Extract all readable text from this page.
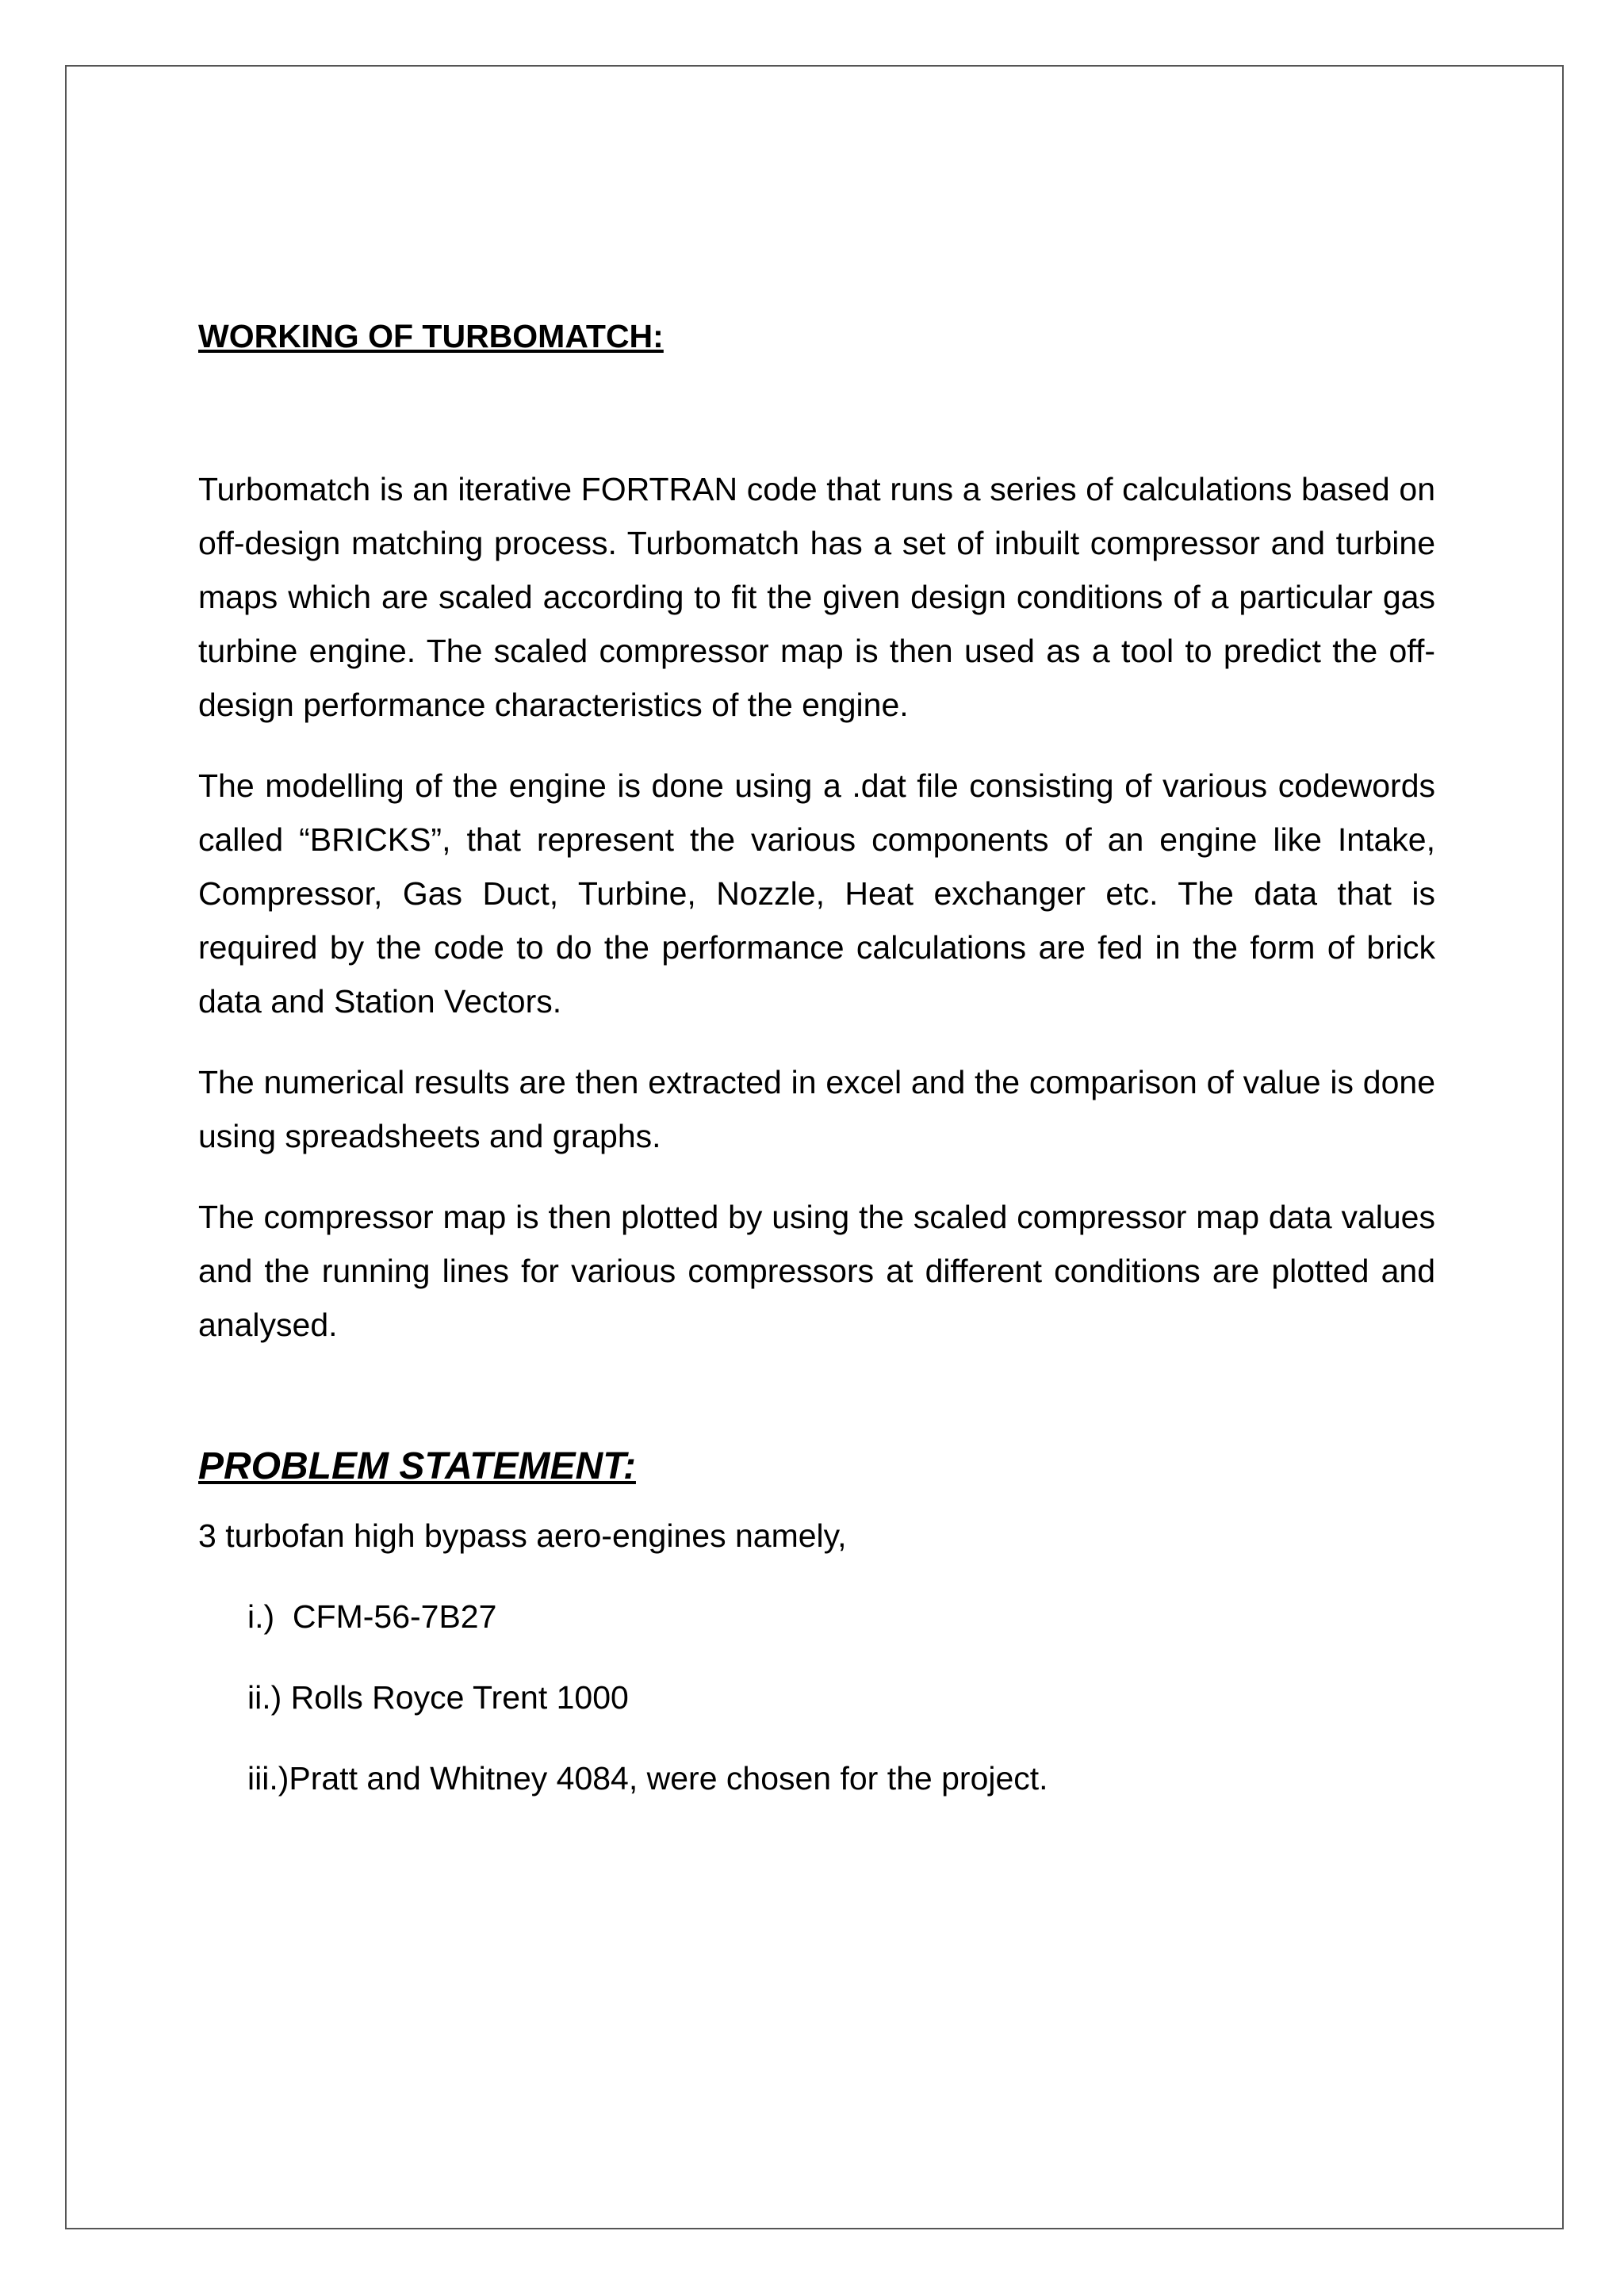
WORKING OF TURBOMATCH:

Turbomatch is an iterative FORTRAN code that runs a series of calculations based on off-design matching process. Turbomatch has a set of inbuilt compressor and turbine maps which are scaled according to fit the given design conditions of a particular gas turbine engine. The scaled compressor map is then used as a tool to predict the off-design performance characteristics of the engine.

The modelling of the engine is done using a .dat file consisting of various codewords called “BRICKS”, that represent the various components of an engine like Intake, Compressor, Gas Duct, Turbine, Nozzle, Heat exchanger etc. The data that is required by the code to do the performance calculations are fed in the form of brick data and Station Vectors.

The numerical results are then extracted in excel and the comparison of value is done using spreadsheets and graphs.

The compressor map is then plotted by using the scaled compressor map data values and the running lines for various compressors at different conditions are plotted and analysed.

PROBLEM STATEMENT:

3 turbofan high bypass aero-engines namely,

i.)  CFM-56-7B27
ii.) Rolls Royce Trent 1000
iii.)Pratt and Whitney 4084, were chosen for the project.
